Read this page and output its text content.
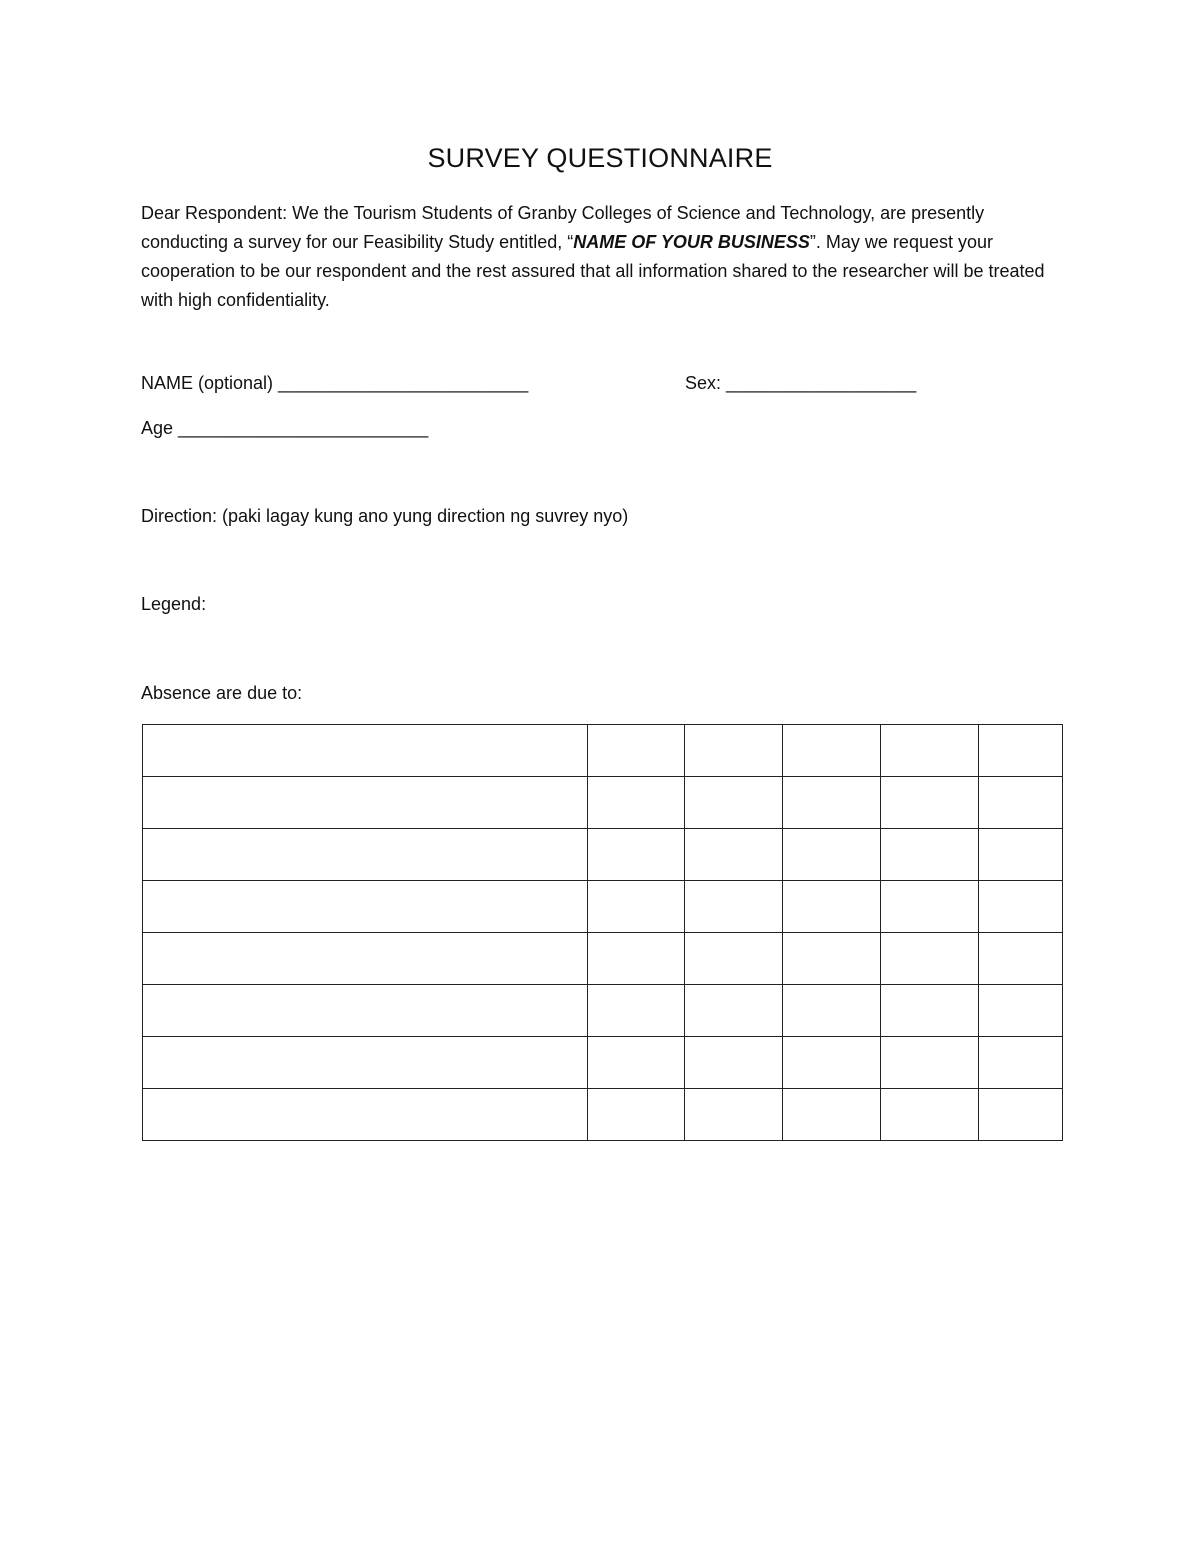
SURVEY QUESTIONNAIRE

Dear Respondent: We the Tourism Students of Granby Colleges of Science and Technology, are presently conducting a survey for our Feasibility Study entitled, “NAME OF YOUR BUSINESS”. May we request your cooperation to be our respondent and the rest assured that all information shared to the researcher will be treated with high confidentiality.

NAME (optional) _________________________	Sex: ___________________

Age _________________________

Direction: (paki lagay kung ano yung direction ng suvrey nyo)

Legend:

Absence are due to:
